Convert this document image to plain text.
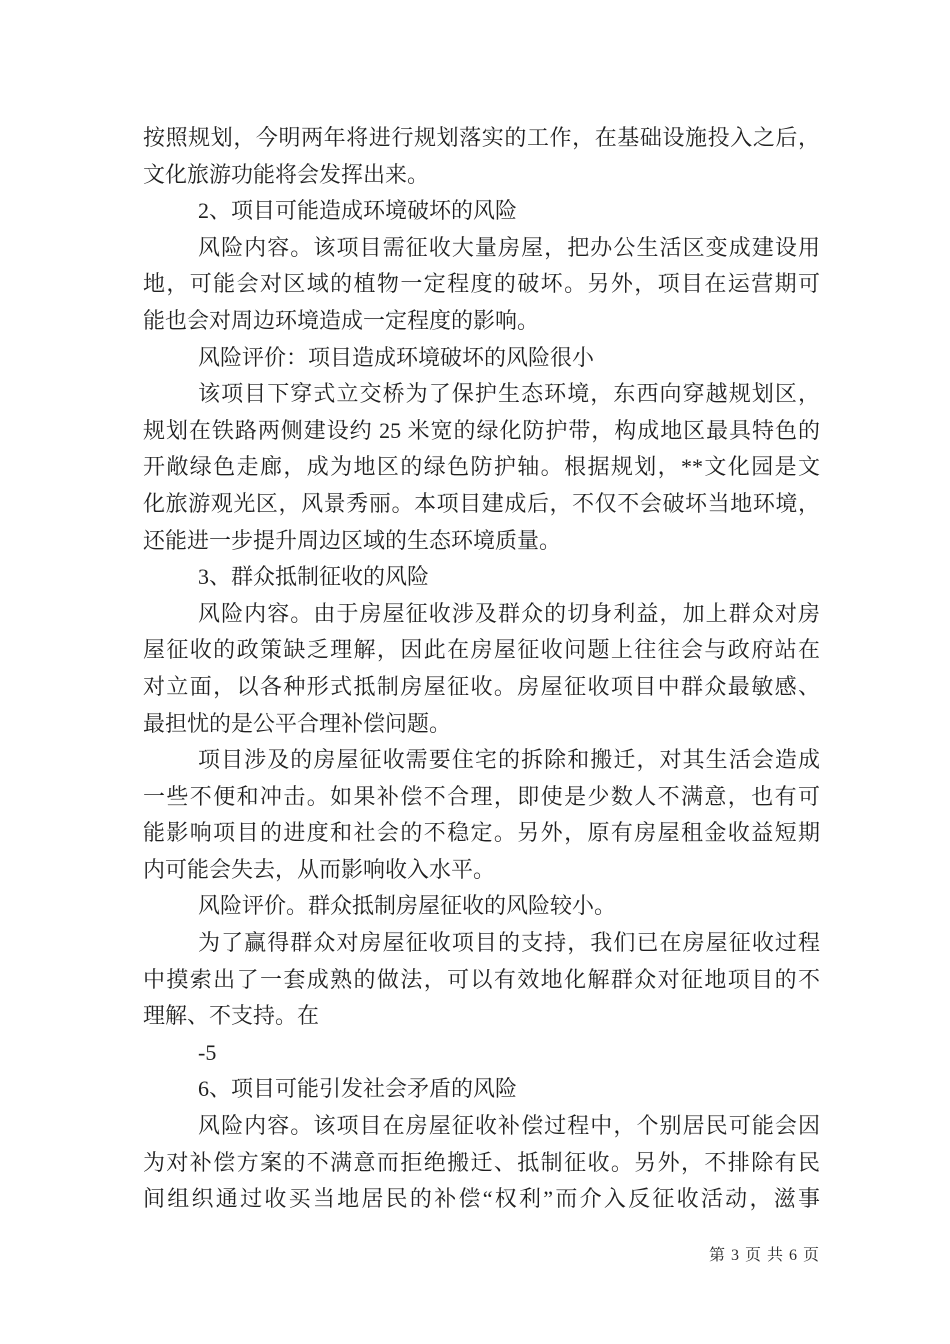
按照规划，今明两年将进行规划落实的工作，在基础设施投入之后，
文化旅游功能将会发挥出来。
2、项目可能造成环境破坏的风险
风险内容。该项目需征收大量房屋，把办公生活区变成建设用
地，可能会对区域的植物一定程度的破坏。另外，项目在运营期可
能也会对周边环境造成一定程度的影响。
风险评价：项目造成环境破坏的风险很小
该项目下穿式立交桥为了保护生态环境，东西向穿越规划区，
规划在铁路两侧建设约 25 米宽的绿化防护带，构成地区最具特色的
开敞绿色走廊，成为地区的绿色防护轴。根据规划，**文化园是文
化旅游观光区，风景秀丽。本项目建成后，不仅不会破坏当地环境，
还能进一步提升周边区域的生态环境质量。
3、群众抵制征收的风险
风险内容。由于房屋征收涉及群众的切身利益，加上群众对房
屋征收的政策缺乏理解，因此在房屋征收问题上往往会与政府站在
对立面，以各种形式抵制房屋征收。房屋征收项目中群众最敏感、
最担忧的是公平合理补偿问题。
项目涉及的房屋征收需要住宅的拆除和搬迁，对其生活会造成
一些不便和冲击。如果补偿不合理，即使是少数人不满意，也有可
能影响项目的进度和社会的不稳定。另外，原有房屋租金收益短期
内可能会失去，从而影响收入水平。
风险评价。群众抵制房屋征收的风险较小。
为了赢得群众对房屋征收项目的支持，我们已在房屋征收过程
中摸索出了一套成熟的做法，可以有效地化解群众对征地项目的不
理解、不支持。在
-5
6、项目可能引发社会矛盾的风险
风险内容。该项目在房屋征收补偿过程中，个别居民可能会因
为对补偿方案的不满意而拒绝搬迁、抵制征收。另外，不排除有民
间组织通过收买当地居民的补偿“权利”而介入反征收活动，滋事
第 3 页 共 6 页
